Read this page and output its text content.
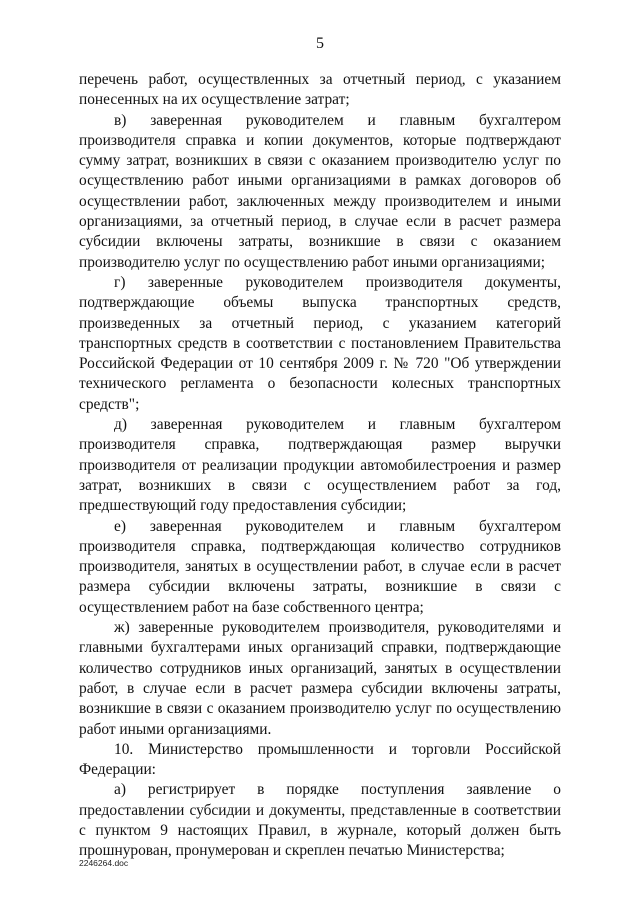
5

перечень работ, осуществленных за отчетный период, с указанием понесенных на их осуществление затрат;

в) заверенная руководителем и главным бухгалтером производителя справка и копии документов, которые подтверждают сумму затрат, возникших в связи с оказанием производителю услуг по осуществлению работ иными организациями в рамках договоров об осуществлении работ, заключенных между производителем и иными организациями, за отчетный период, в случае если в расчет размера субсидии включены затраты, возникшие в связи с оказанием производителю услуг по осуществлению работ иными организациями;

г) заверенные руководителем производителя документы, подтверждающие объемы выпуска транспортных средств, произведенных за отчетный период, с указанием категорий транспортных средств в соответствии с постановлением Правительства Российской Федерации от 10 сентября 2009 г. № 720 "Об утверждении технического регламента о безопасности колесных транспортных средств";

д) заверенная руководителем и главным бухгалтером производителя справка, подтверждающая размер выручки производителя от реализации продукции автомобилестроения и размер затрат, возникших в связи с осуществлением работ за год, предшествующий году предоставления субсидии;

е) заверенная руководителем и главным бухгалтером производителя справка, подтверждающая количество сотрудников производителя, занятых в осуществлении работ, в случае если в расчет размера субсидии включены затраты, возникшие в связи с осуществлением работ на базе собственного центра;

ж) заверенные руководителем производителя, руководителями и главными бухгалтерами иных организаций справки, подтверждающие количество сотрудников иных организаций, занятых в осуществлении работ, в случае если в расчет размера субсидии включены затраты, возникшие в связи с оказанием производителю услуг по осуществлению работ иными организациями.

10. Министерство промышленности и торговли Российской Федерации:

а) регистрирует в порядке поступления заявление о предоставлении субсидии и документы, представленные в соответствии с пунктом 9 настоящих Правил, в журнале, который должен быть прошнурован, пронумерован и скреплен печатью Министерства;

2246264.doc
